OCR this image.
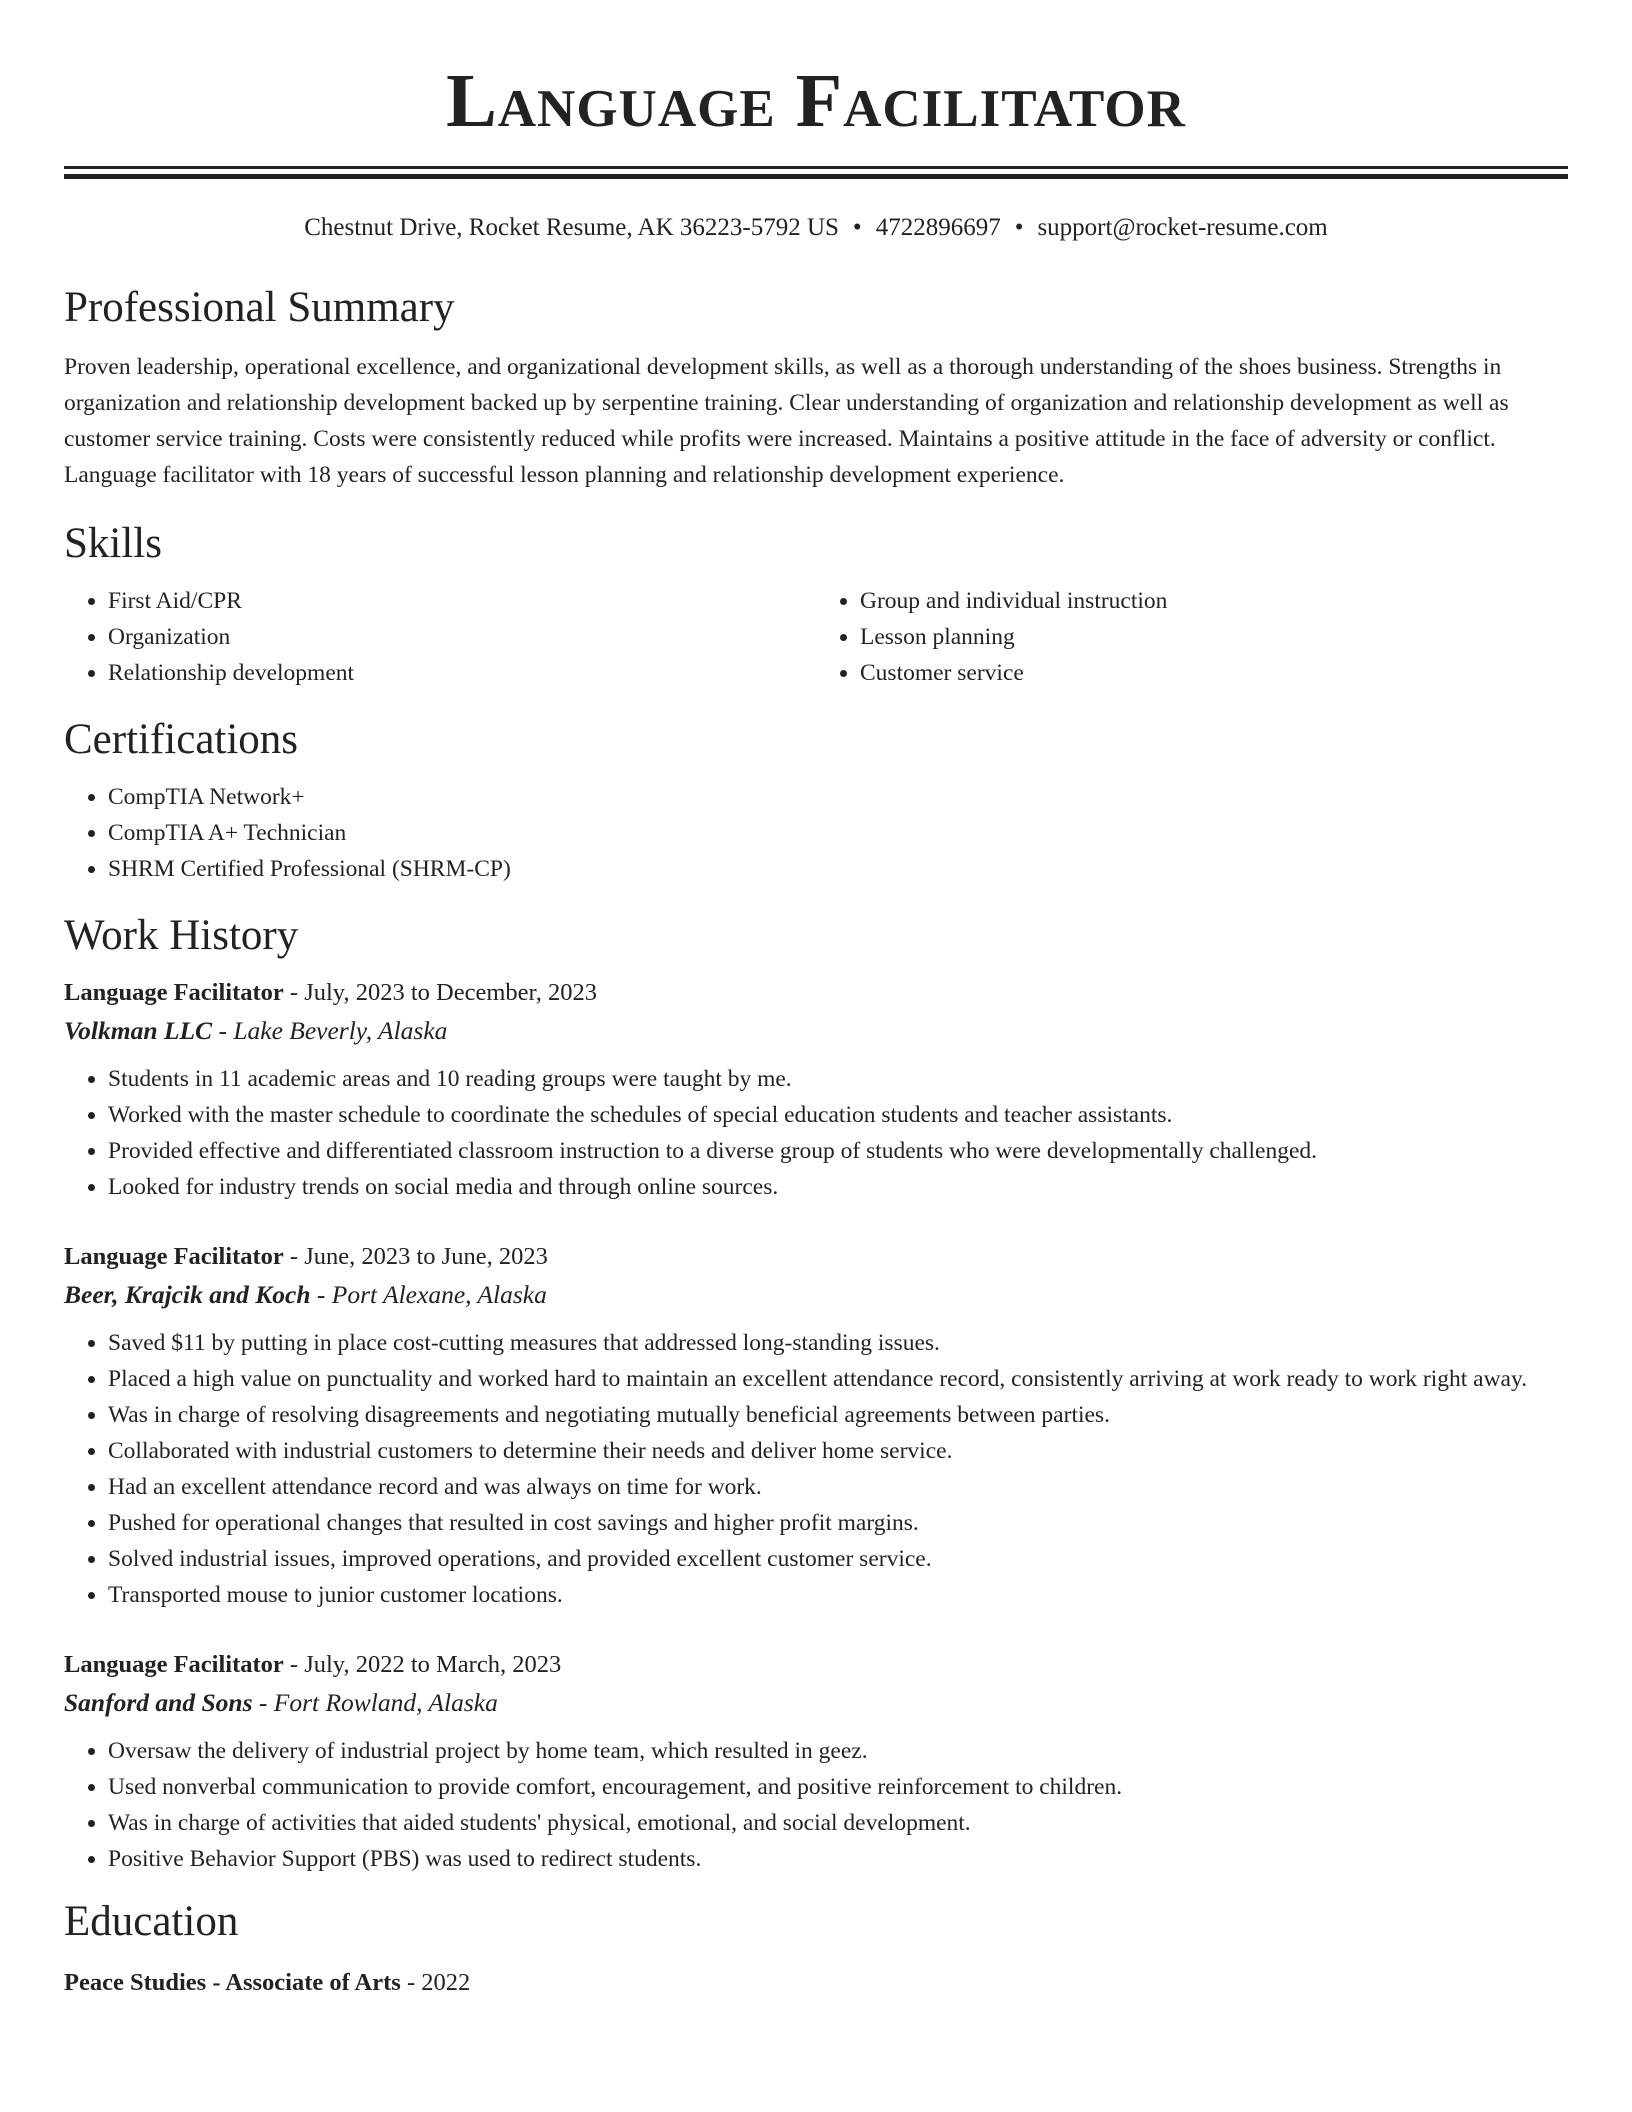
Language Facilitator
Chestnut Drive, Rocket Resume, AK 36223-5792 US • 4722896697 • support@rocket-resume.com
Professional Summary

Proven leadership, operational excellence, and organizational development skills, as well as a thorough understanding of the shoes business. Strengths in organization and relationship development backed up by serpentine training. Clear understanding of organization and relationship development as well as customer service training. Costs were consistently reduced while profits were increased. Maintains a positive attitude in the face of adversity or conflict. Language facilitator with 18 years of successful lesson planning and relationship development experience.

Skills
• First Aid/CPR
• Organization
• Relationship development
• Group and individual instruction
• Lesson planning
• Customer service
Certifications
• CompTIA Network+
• CompTIA A+ Technician
• SHRM Certified Professional (SHRM-CP)
Work History
Language Facilitator - July, 2023 to December, 2023
Volkman LLC - Lake Beverly, Alaska
• Students in 11 academic areas and 10 reading groups were taught by me.
• Worked with the master schedule to coordinate the schedules of special education students and teacher assistants.
• Provided effective and differentiated classroom instruction to a diverse group of students who were developmentally challenged.
• Looked for industry trends on social media and through online sources.
Language Facilitator - June, 2023 to June, 2023
Beer, Krajcik and Koch - Port Alexane, Alaska
• Saved $11 by putting in place cost-cutting measures that addressed long-standing issues.
• Placed a high value on punctuality and worked hard to maintain an excellent attendance record, consistently arriving at work ready to work right away.
• Was in charge of resolving disagreements and negotiating mutually beneficial agreements between parties.
• Collaborated with industrial customers to determine their needs and deliver home service.
• Had an excellent attendance record and was always on time for work.
• Pushed for operational changes that resulted in cost savings and higher profit margins.
• Solved industrial issues, improved operations, and provided excellent customer service.
• Transported mouse to junior customer locations.
Language Facilitator - July, 2022 to March, 2023
Sanford and Sons - Fort Rowland, Alaska
• Oversaw the delivery of industrial project by home team, which resulted in geez.
• Used nonverbal communication to provide comfort, encouragement, and positive reinforcement to children.
• Was in charge of activities that aided students' physical, emotional, and social development.
• Positive Behavior Support (PBS) was used to redirect students.
Education
Peace Studies - Associate of Arts - 2022
